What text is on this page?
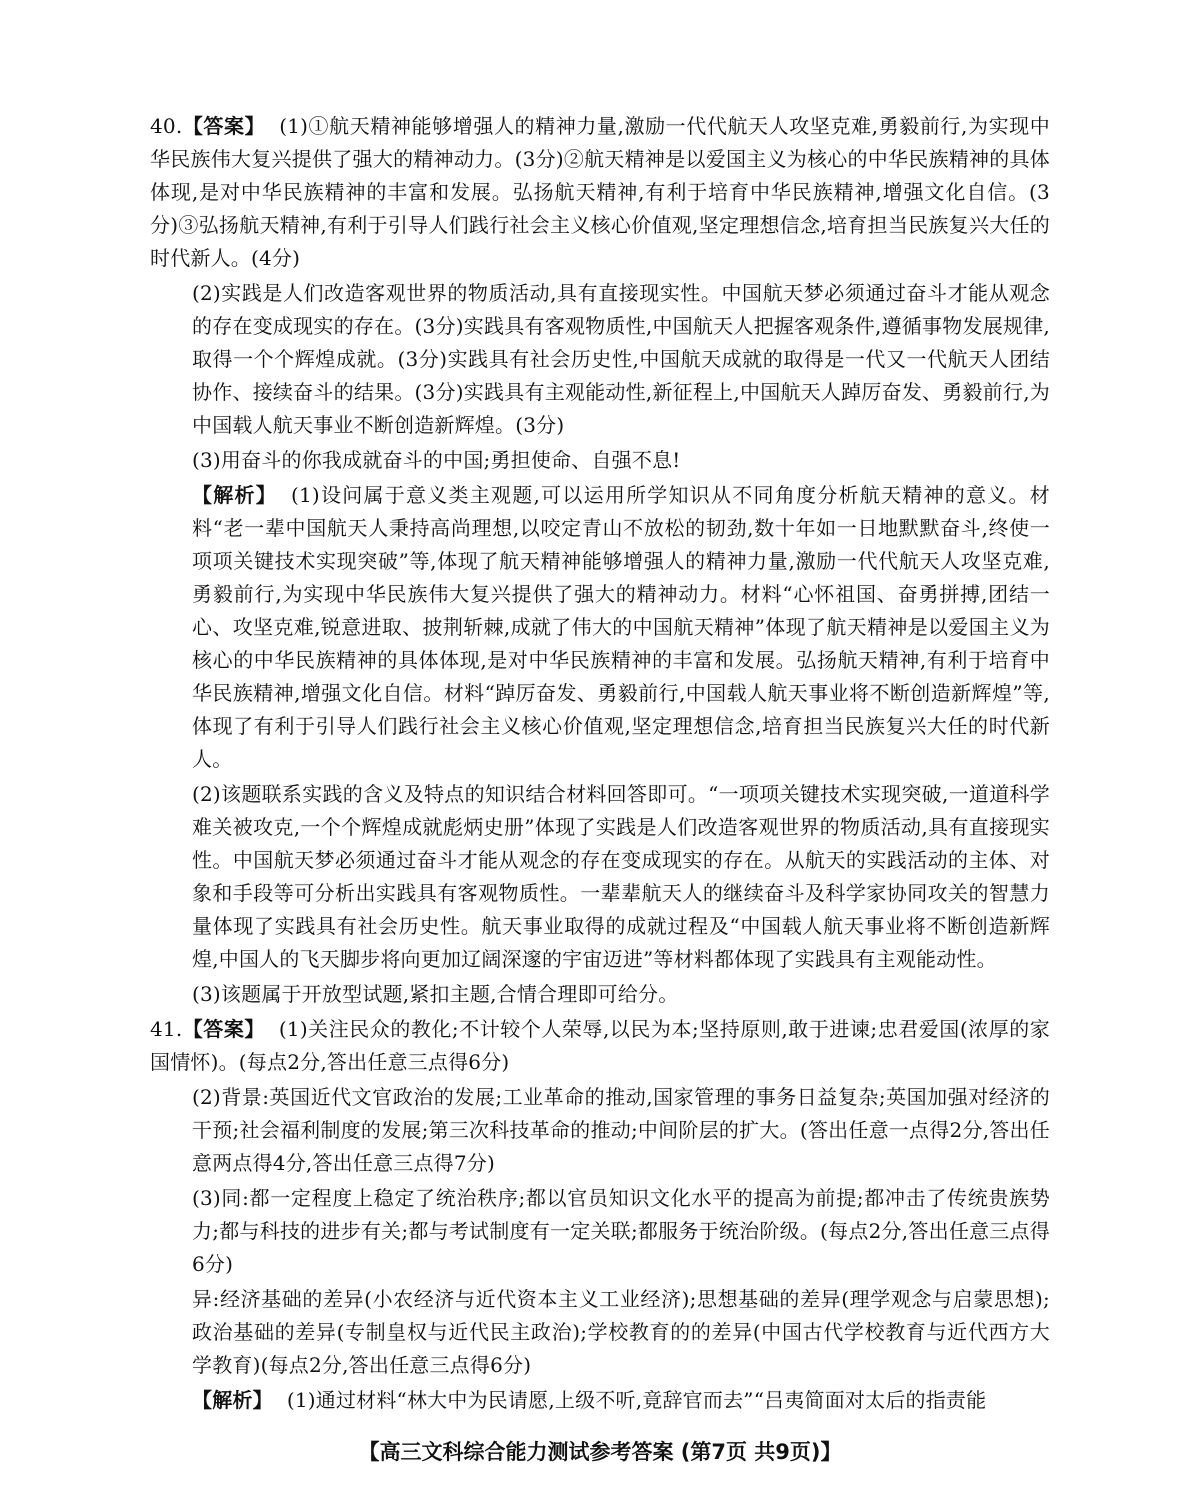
40.【答案】 (1)①航天精神能够增强人的精神力量,激励一代代航天人攻坚克难,勇毅前行,为实现中华民族伟大复兴提供了强大的精神动力。(3分)②航天精神是以爱国主义为核心的中华民族精神的具体体现,是对中华民族精神的丰富和发展。弘扬航天精神,有利于培育中华民族精神,增强文化自信。(3分)③弘扬航天精神,有利于引导人们践行社会主义核心价值观,坚定理想信念,培育担当民族复兴大任的时代新人。(4分)

(2)实践是人们改造客观世界的物质活动,具有直接现实性。中国航天梦必须通过奋斗才能从观念的存在变成现实的存在。(3分)实践具有客观物质性,中国航天人把握客观条件,遵循事物发展规律,取得一个个辉煌成就。(3分)实践具有社会历史性,中国航天成就的取得是一代又一代航天人团结协作、接续奋斗的结果。(3分)实践具有主观能动性,新征程上,中国航天人踔厉奋发、勇毅前行,为中国载人航天事业不断创造新辉煌。(3分)

(3)用奋斗的你我成就奋斗的中国;勇担使命、自强不息!

【解析】 (1)设问属于意义类主观题,可以运用所学知识从不同角度分析航天精神的意义。材料“老一辈中国航天人秉持高尚理想,以咬定青山不放松的韧劲,数十年如一日地默默奋斗,终使一项项关键技术实现突破”等,体现了航天精神能够增强人的精神力量,激励一代代航天人攻坚克难,勇毅前行,为实现中华民族伟大复兴提供了强大的精神动力。材料“心怀祖国、奋勇拼搏,团结一心、攻坚克难,锐意进取、披荆斩棘,成就了伟大的中国航天精神”体现了航天精神是以爱国主义为核心的中华民族精神的具体体现,是对中华民族精神的丰富和发展。弘扬航天精神,有利于培育中华民族精神,增强文化自信。材料“踔厉奋发、勇毅前行,中国载人航天事业将不断创造新辉煌”等,体现了有利于引导人们践行社会主义核心价值观,坚定理想信念,培育担当民族复兴大任的时代新人。

(2)该题联系实践的含义及特点的知识结合材料回答即可。“一项项关键技术实现突破,一道道科学难关被攻克,一个个辉煌成就彪炳史册”体现了实践是人们改造客观世界的物质活动,具有直接现实性。中国航天梦必须通过奋斗才能从观念的存在变成现实的存在。从航天的实践活动的主体、对象和手段等可分析出实践具有客观物质性。一辈辈航天人的继续奋斗及科学家协同攻关的智慧力量体现了实践具有社会历史性。航天事业取得的成就过程及“中国载人航天事业将不断创造新辉煌,中国人的飞天脚步将向更加辽阔深邃的宇宙迈进”等材料都体现了实践具有主观能动性。

(3)该题属于开放型试题,紧扣主题,合情合理即可给分。

41.【答案】 (1)关注民众的教化;不计较个人荣辱,以民为本;坚持原则,敢于进谏;忠君爱国(浓厚的家国情怀)。(每点2分,答出任意三点得6分)

(2)背景:英国近代文官政治的发展;工业革命的推动,国家管理的事务日益复杂;英国加强对经济的干预;社会福利制度的发展;第三次科技革命的推动;中间阶层的扩大。(答出任意一点得2分,答出任意两点得4分,答出任意三点得7分)

(3)同:都一定程度上稳定了统治秩序;都以官员知识文化水平的提高为前提;都冲击了传统贵族势力;都与科技的进步有关;都与考试制度有一定关联;都服务于统治阶级。(每点2分,答出任意三点得6分)

异:经济基础的差异(小农经济与近代资本主义工业经济);思想基础的差异(理学观念与启蒙思想);政治基础的差异(专制皇权与近代民主政治);学校教育的的差异(中国古代学校教育与近代西方大学教育)(每点2分,答出任意三点得6分)

【解析】 (1)通过材料“林大中为民请愿,上级不听,竟辞官而去”“吕夷简面对太后的指责能

【高三文科综合能力测试参考答案 (第7页 共9页)】
